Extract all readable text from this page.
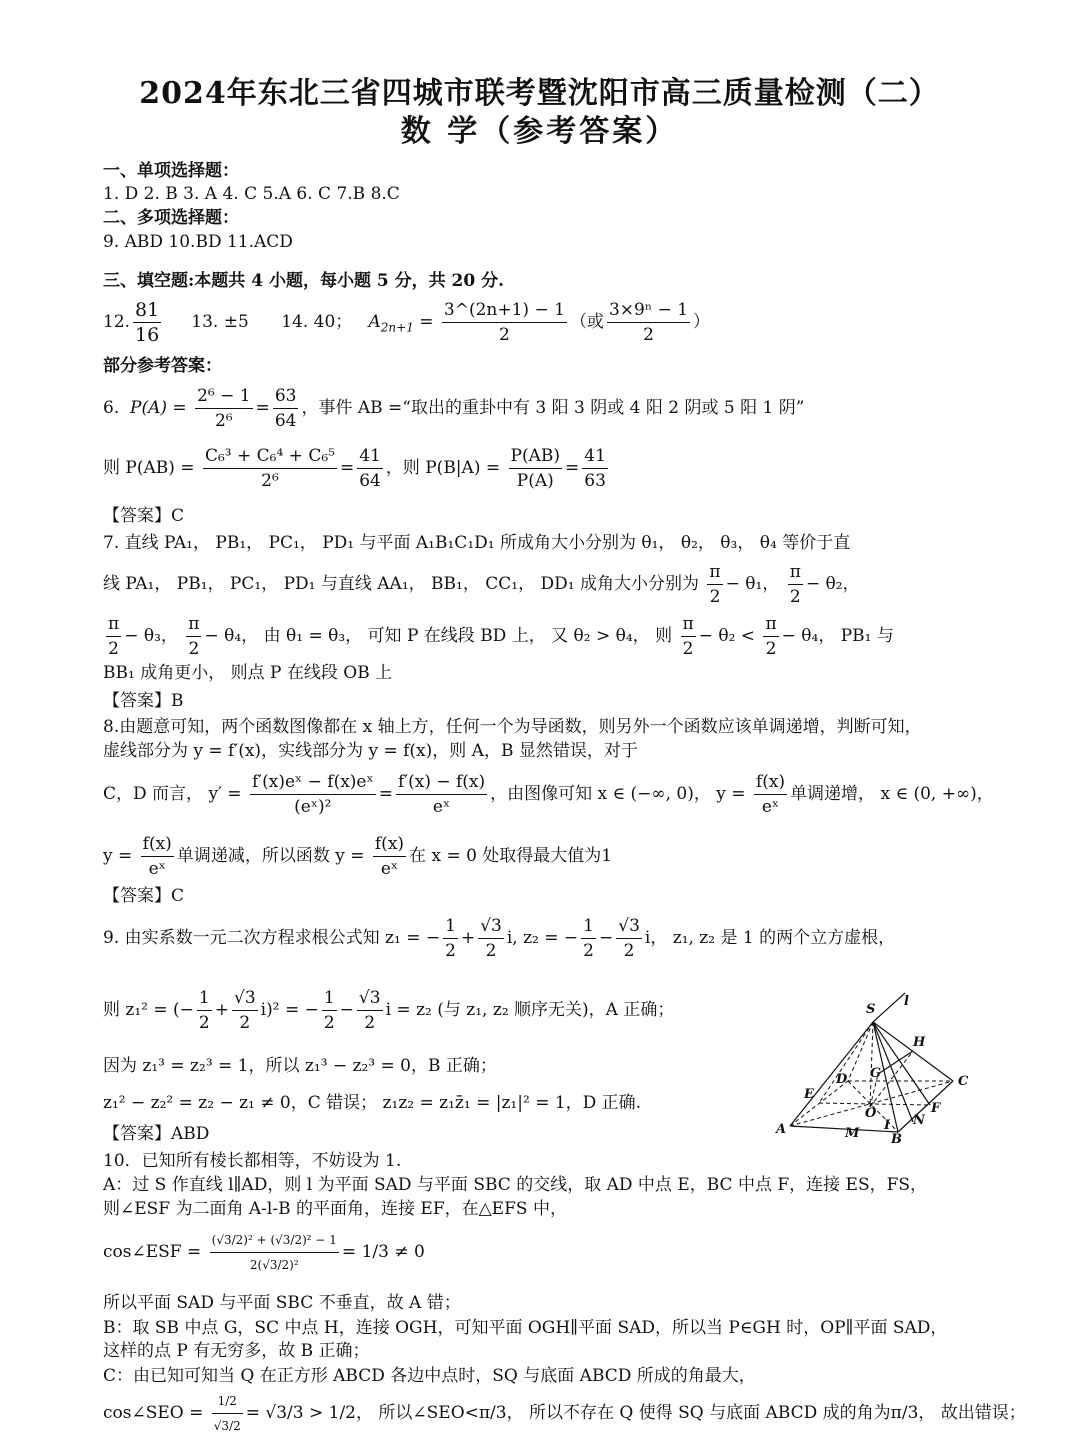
2024年东北三省四城市联考暨沈阳市高三质量检测（二）
数 学（参考答案）
一、单项选择题：
1. D 2. B 3. A 4. C 5.A 6. C 7.B 8.C
二、多项选择题：
9. ABD 10.BD 11.ACD
三、填空题:本题共 4 小题，每小题 5 分，共 20 分.
12. $\frac{81}{16} 13$. ±5 14. 40； $A_{2n+1} = \frac{3\^{}(2n+1) - 1}{2}$ （或 $\frac{\text{3×9ⁿ − 1}}{2}$ ）
部分参考答案：
6. $P(A) = \frac{\text{2⁶ − 1}}{\text{2⁶}} = \frac{63}{64}$ ，事件 AB =“取出的重卦中有 3 阳 3 阴或 4 阳 2 阴或 5 阳 1 阴”
则 $P(AB) = \frac{\text{C₆³ + C₆⁴ + C₆⁵}}{\text{2⁶}} = \frac{41}{64}$ ，则 $P(B|A) = \frac{P(AB)}{P(A)} = \frac{41}{63}$
【答案】C
7. 直线 PA₁， PB₁， PC₁， PD₁ 与平面 A₁B₁C₁D₁ 所成角大小分别为 θ₁， θ₂， θ₃， θ₄ 等价于直
线 PA₁， PB₁， PC₁， PD₁ 与直线 AA₁， BB₁， CC₁， DD₁ 成角大小分别为 $\frac{\pi}{2} - \theta_1$， $\frac{\pi}{2} - \theta_2$，
$\frac{\pi}{2} - \theta_3$， $\frac{\pi}{2} - \theta_4$， 由 θ₁ = θ₃， 可知 P 在线段 BD 上， 又 θ₂ > θ₄， 则 $\frac{\pi}{2} - \theta_2 < \frac{\pi}{2} - \theta_4$， PB₁ 与
BB₁ 成角更小， 则点 P 在线段 OB 上
【答案】B
8.由题意可知，两个函数图像都在 x 轴上方，任何一个为导函数，则另外一个函数应该单调递增，判断可知，
虚线部分为 y = f′(x)，实线部分为 y = f(x)，则 A，B 显然错误，对于
C，D 而言， $y' = \frac{\text{f′(x)eˣ − f(x)eˣ}}{\text{(eˣ)²}} = \frac{f'(x) - f(x)}{\text{eˣ}}$ ，由图像可知 x ∈ (−∞, 0)， $y = \frac{f(x)}{\text{eˣ}}$ 单调递增， x ∈ (0, +∞)，
$y = \frac{f(x)}{\text{eˣ}}$ 单调递减，所以函数 $y = \frac{f(x)}{\text{eˣ}}$ 在 x = 0 处取得最大值为1
【答案】C
9. 由实系数一元二次方程求根公式知 z₁ = − $\frac{1}{2} + \frac{√3}{2} i$, z₂ = − $\frac{1}{2} - \frac{√3}{2}$ i， z₁, z₂ 是 1 的两个立方虚根，
则 z₁² = (− $\frac{1}{2} + \frac{√3}{2} i)^2$ = − $\frac{1}{2} - \frac{√3}{2}$ i = z₂ (与 z₁, z₂ 顺序无关)，A 正确；
因为 z₁³ = z₂³ = 1，所以 z₁³ − z₂³ = 0，B 正确；
z₁² − z₂² = z₂ − z₁ ≠ 0，C 错误； z₁z₂ = z₁z̄₁ = |z₁|² = 1，D 正确.
【答案】ABD
S
l
H
D G
C
E
O	F
A	M B
N
I
10．已知所有棱长都相等，不妨设为 1.
A：过 S 作直线 l∥AD，则 l 为平面 SAD 与平面 SBC 的交线，取 AD 中点 E，BC 中点 F，连接 ES，FS，
则∠ESF 为二面角 A-l-B 的平面角，连接 EF，在△EFS 中，
cos∠ESF = $\frac{\text{(√3/2)² + (√3/2)² − 1}}{\text{2(√3/2)²}} = 1/3 \ne 0$
所以平面 SAD 与平面 SBC 不垂直，故 A 错；
B：取 SB 中点 G，SC 中点 H，连接 OGH，可知平面 OGH∥平面 SAD，所以当 P∈GH 时，OP∥平面 SAD，
这样的点 P 有无穷多，故 B 正确；
C：由已知可知当 Q 在正方形 ABCD 各边中点时，SQ 与底面 ABCD 所成的角最大，
cos∠SEO = $\frac{1/2}{√3/2} = √3/3 > 1/2$， 所以∠SEO<π/3， 所以不存在 Q 使得 SQ 与底面 ABCD 成的角为π/3， 故出错误；
